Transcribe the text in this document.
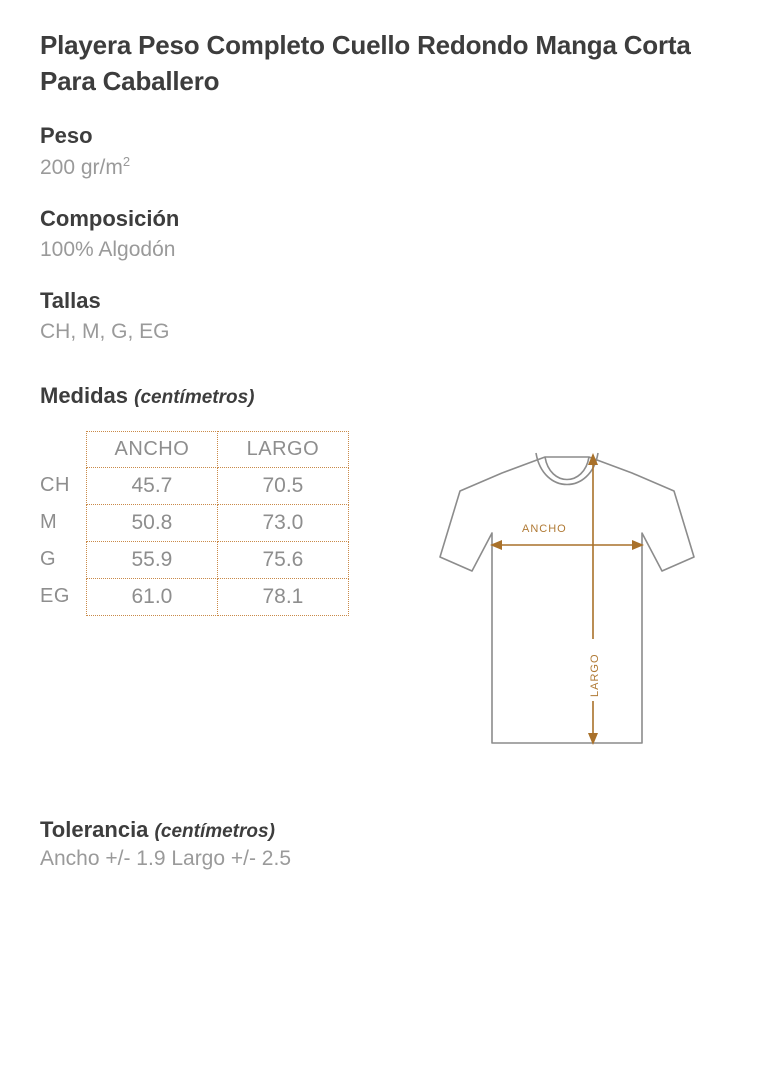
Playera Peso Completo Cuello Redondo Manga Corta Para Caballero
Peso
200 $gr/m^2$
Composición
100% Algodón
Tallas
CH, M, G, EG
Medidas (centímetros)
	ANCHO	LARGO
CH	45.7	70.5
M	50.8	73.0
G	55.9	75.6
EG	61.0	78.1
ANCHO
LARGO
Tolerancia (centímetros)
Ancho +/- 1.9 Largo +/- 2.5
